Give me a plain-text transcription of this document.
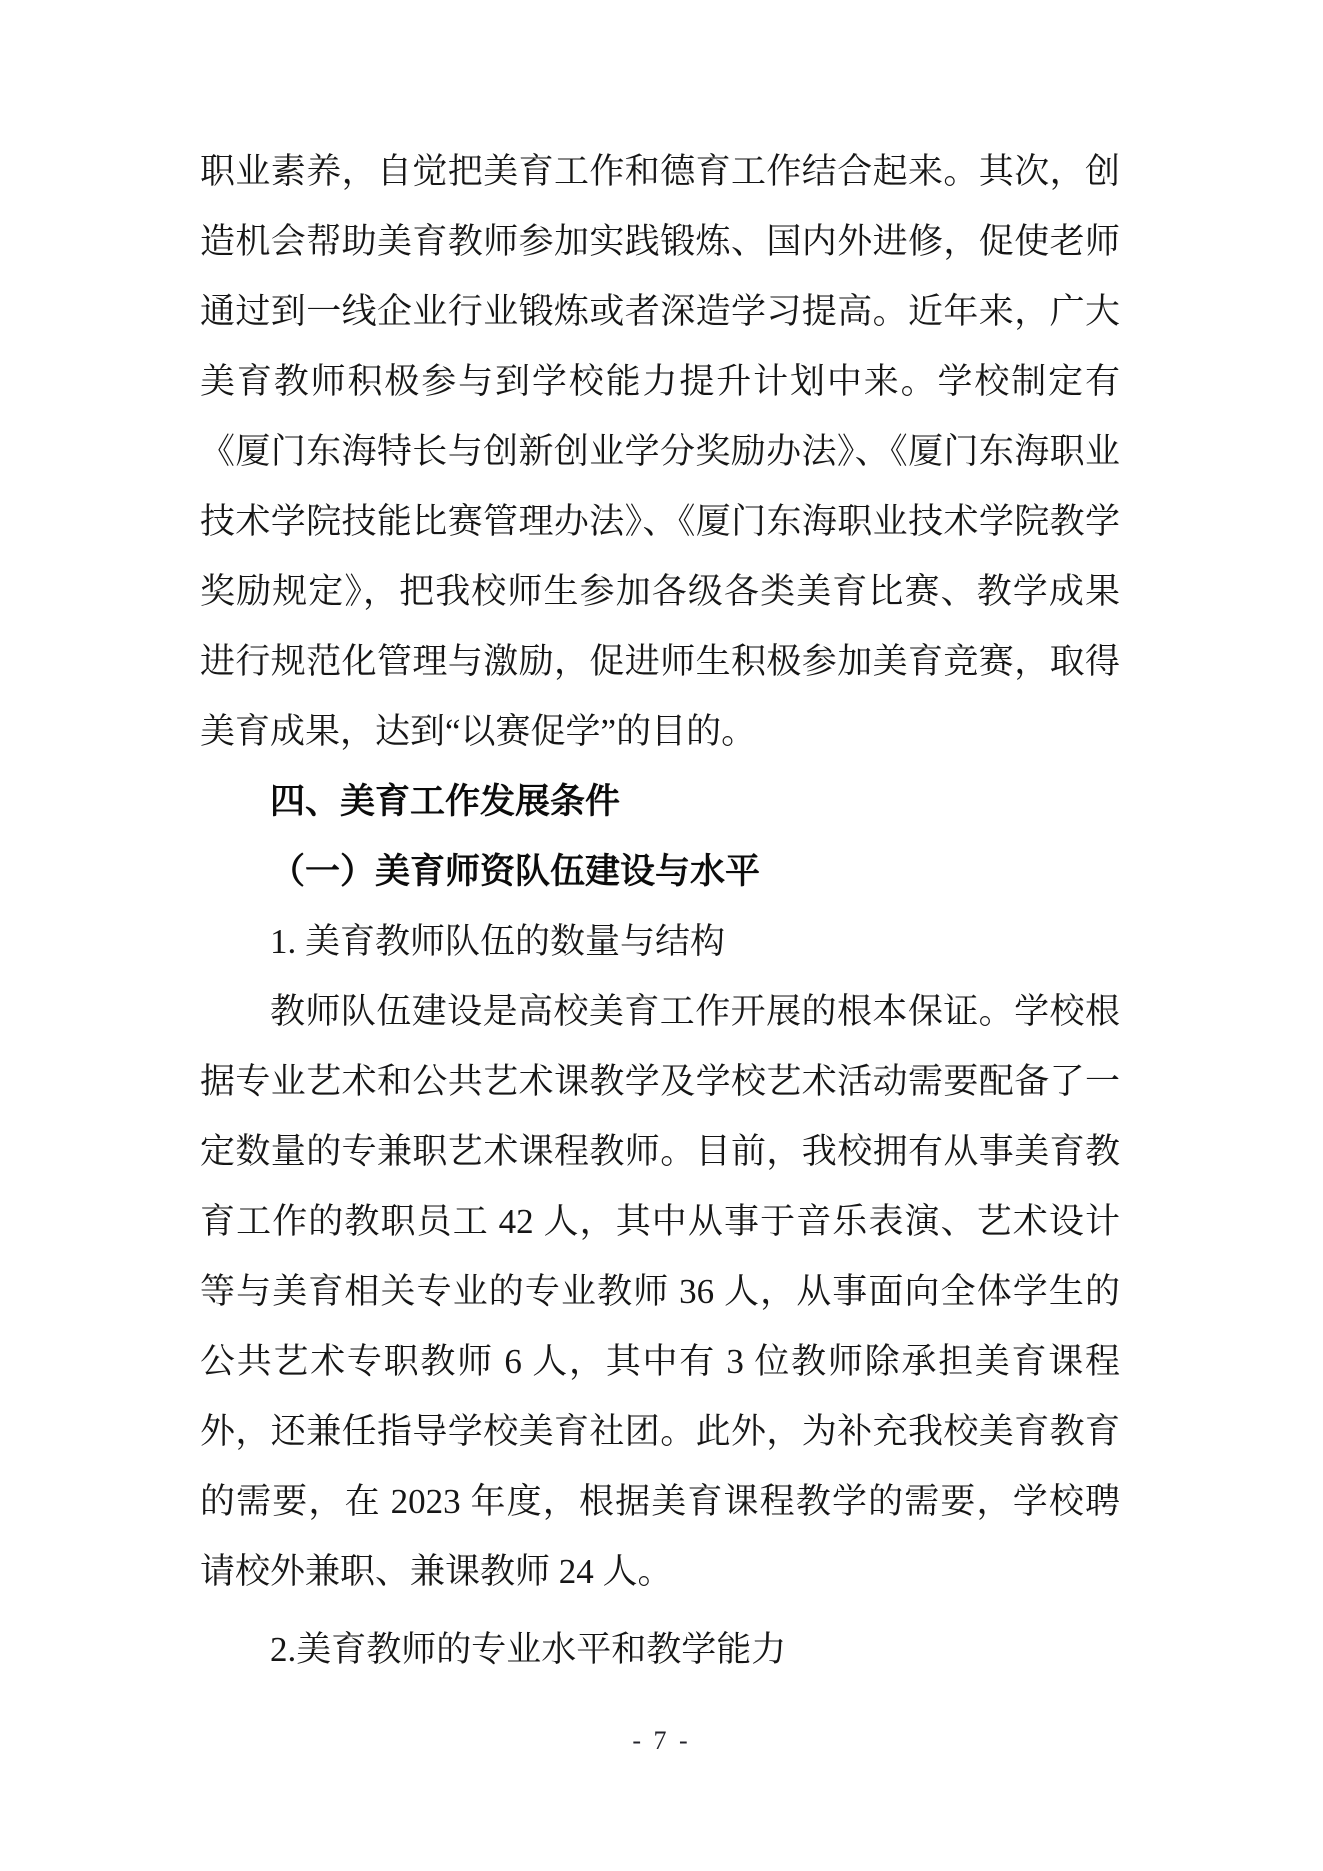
职业素养，自觉把美育工作和德育工作结合起来。其次，创造机会帮助美育教师参加实践锻炼、国内外进修，促使老师通过到一线企业行业锻炼或者深造学习提高。近年来，广大美育教师积极参与到学校能力提升计划中来。学校制定有《厦门东海特长与创新创业学分奖励办法》、《厦门东海职业技术学院技能比赛管理办法》、《厦门东海职业技术学院教学奖励规定》，把我校师生参加各级各类美育比赛、教学成果进行规范化管理与激励，促进师生积极参加美育竞赛，取得美育成果，达到“以赛促学”的目的。

四、美育工作发展条件

（一）美育师资队伍建设与水平

1. 美育教师队伍的数量与结构

教师队伍建设是高校美育工作开展的根本保证。学校根据专业艺术和公共艺术课教学及学校艺术活动需要配备了一定数量的专兼职艺术课程教师。目前，我校拥有从事美育教育工作的教职员工 42 人，其中从事于音乐表演、艺术设计等与美育相关专业的专业教师 36 人，从事面向全体学生的公共艺术专职教师 6 人，其中有 3 位教师除承担美育课程外，还兼任指导学校美育社团。此外，为补充我校美育教育的需要，在 2023 年度，根据美育课程教学的需要，学校聘请校外兼职、兼课教师 24 人。

2.美育教师的专业水平和教学能力

- 7 -
